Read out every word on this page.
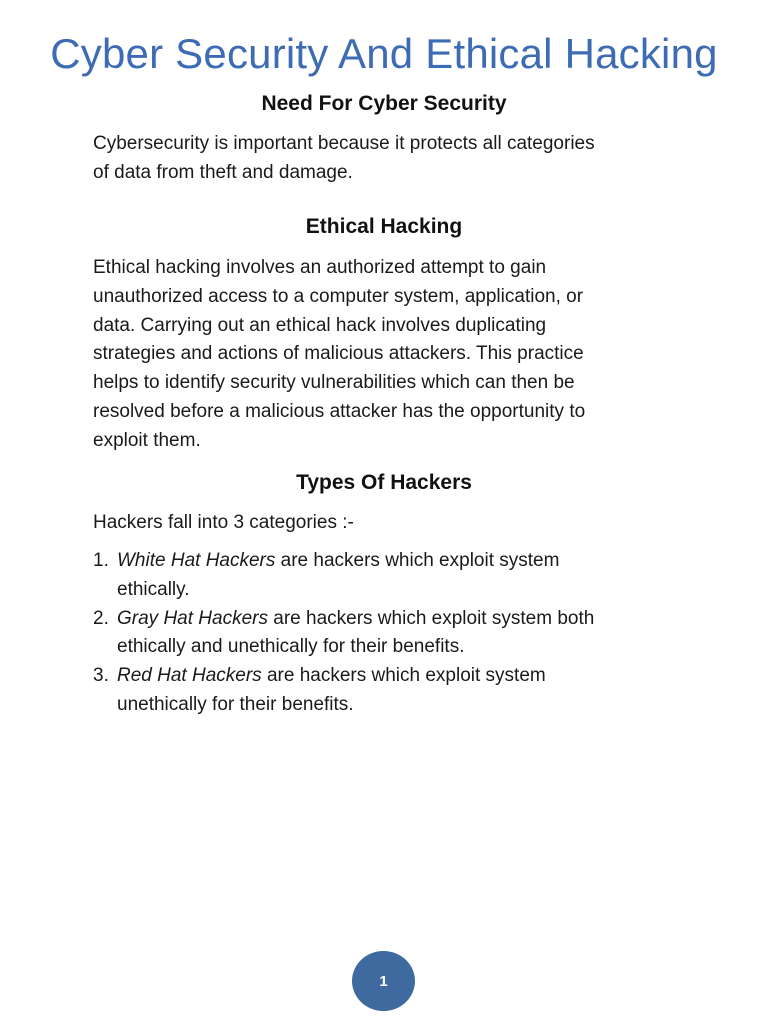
Cyber Security And Ethical Hacking
Need For Cyber Security
Cybersecurity is important because it protects all categories
of data from theft and damage.
Ethical Hacking
Ethical hacking involves an authorized attempt to gain
unauthorized access to a computer system, application, or
data. Carrying out an ethical hack involves duplicating
strategies and actions of malicious attackers. This practice
helps to identify security vulnerabilities which can then be
resolved before a malicious attacker has the opportunity to
exploit them.
Types Of Hackers
Hackers fall into 3 categories :-
1. White Hat Hackers are hackers which exploit system
ethically.
2. Gray Hat Hackers are hackers which exploit system both
ethically and unethically for their benefits.
3. Red Hat Hackers are hackers which exploit system
unethically for their benefits.
1
